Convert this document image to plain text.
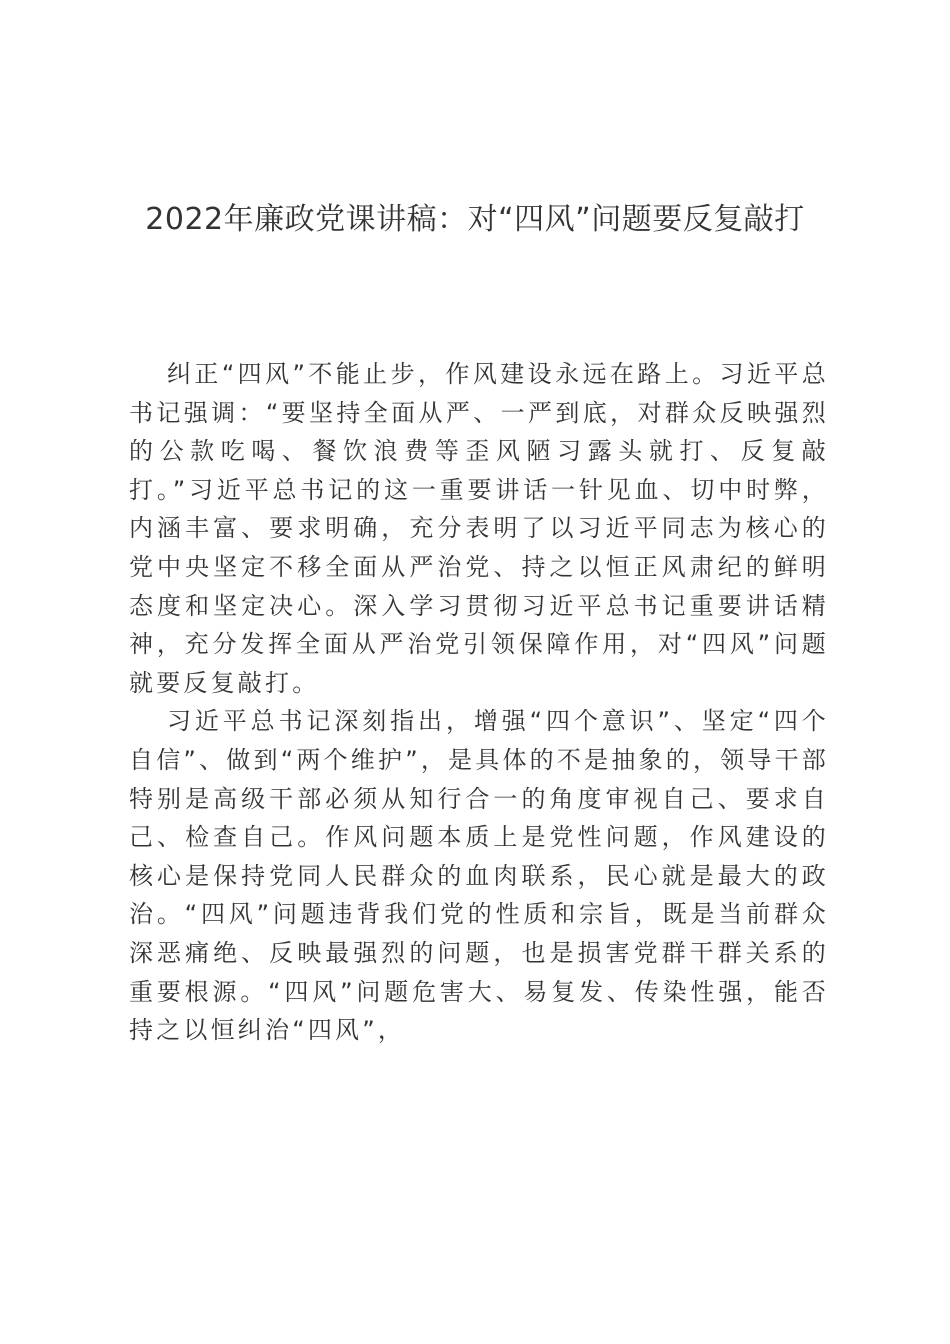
2022年廉政党课讲稿：对“四风”问题要反复敲打

纠正“四风”不能止步，作风建设永远在路上。习近平总书记强调：“要坚持全面从严、一严到底，对群众反映强烈的公款吃喝、餐饮浪费等歪风陋习露头就打、反复敲打。”习近平总书记的这一重要讲话一针见血、切中时弊，内涵丰富、要求明确，充分表明了以习近平同志为核心的党中央坚定不移全面从严治党、持之以恒正风肃纪的鲜明态度和坚定决心。深入学习贯彻习近平总书记重要讲话精神，充分发挥全面从严治党引领保障作用，对“四风”问题就要反复敲打。

习近平总书记深刻指出，增强“四个意识”、坚定“四个自信”、做到“两个维护”，是具体的不是抽象的，领导干部特别是高级干部必须从知行合一的角度审视自己、要求自己、检查自己。作风问题本质上是党性问题，作风建设的核心是保持党同人民群众的血肉联系，民心就是最大的政治。“四风”问题违背我们党的性质和宗旨，既是当前群众深恶痛绝、反映最强烈的问题，也是损害党群干群关系的重要根源。“四风”问题危害大、易复发、传染性强，能否持之以恒纠治“四风”，
